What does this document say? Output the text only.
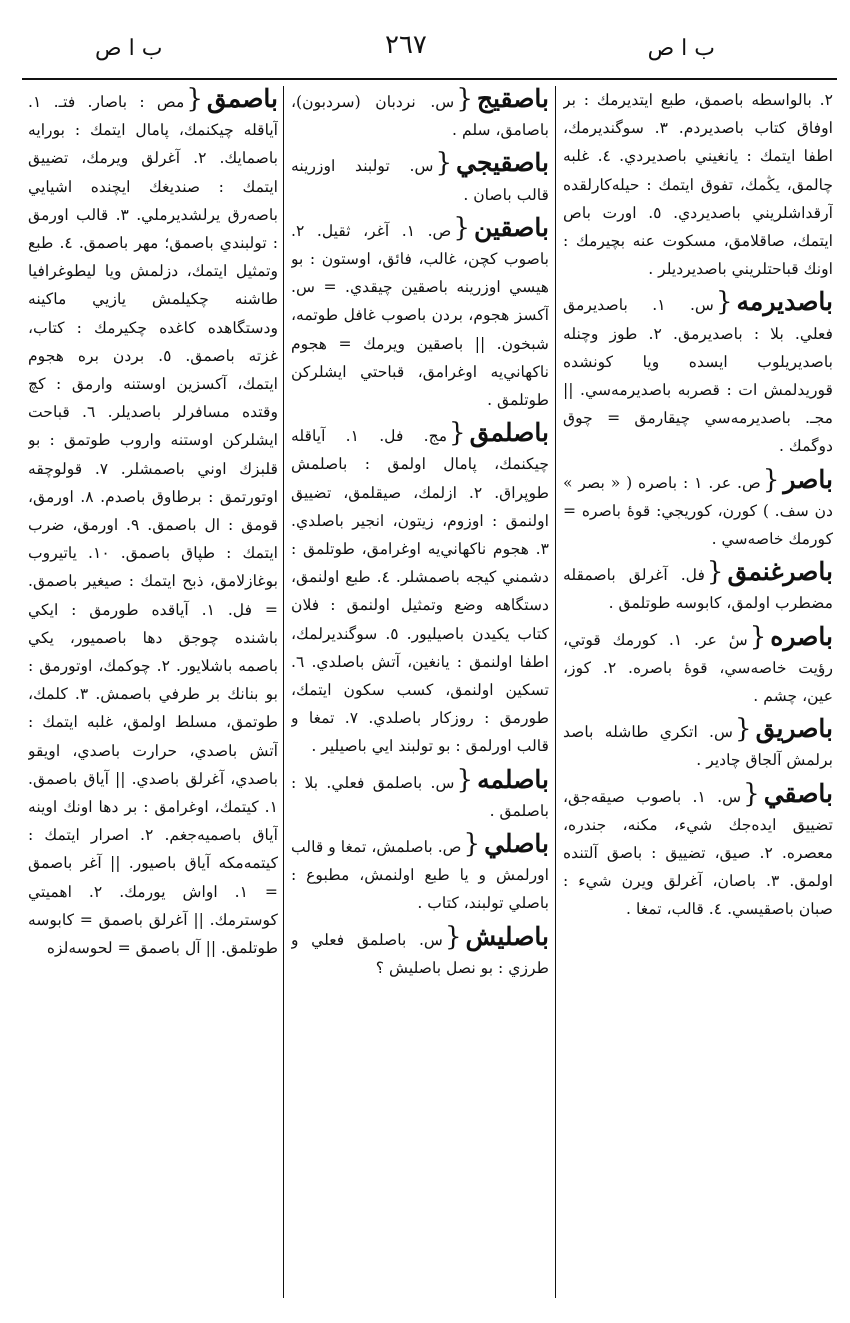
ب ا ص	٢٦٧	ب ا ص
٢. بالواسطه باصمق، طبع ايتديرمك : بر اوفاق كتاب باصديردم. ٣. سوگنديرمك، اطفا ايتمك : يانغيني باصديردي. ٤. غلبه چالمق، يڭمك، تفوق ايتمك : حيله‌كارلقده آرقداشلريني باصديردي. ٥. اورت باص ايتمك، صاقلامق، مسكوت عنه بچيرمك : اونك قباحتلريني باصديرديلر .
باصديرمه{س. ١. باصديرمق فعلي. بلا : باصديرمق. ٢. طوز وچنله باصديريلوب ايسده ويا كونشده قوريدلمش ات : قصربه باصديرمه‌سي. || مجـ. باصديرمه‌سي چيقارمق = چوق دوگمك .
باصر{ص. عر. ١ : باصره ( « بصر » دن سف. ) كورن، كوريجي: قوهٔ باصره = كورمك خاصه‌سي .
باصرغنمق{فل. آغرلق باصمقله مضطرب اولمق، كابوسه طوتلمق .
باصره{سٔ عر. ١. كورمك قوتي، رؤيت خاصه‌سي، قوهٔ باصره. ٢. كوز، عين، چشم .
باصريق{س. اتكري طاشله باصد برلمش آلجاق چادير .
باصقي{س. ١. باصوب صيقه‌جق، تضييق ايده‌جك شيء، مكنه، جندره، معصره. ٢. صيق، تضييق : باصق آلتنده اولمق. ٣. باصان، آغرلق ويرن شيء : صبان باصقيسي. ٤. قالب، تمغا .
باصقيج{س. نردبان (سردبون)، باصامق، سلم .
باصقيجي{س. تولبند اوزرينه قالب باصان .
باصقين{ص. ١. آغر، ثقيل. ٢. باصوب كچن، غالب، فائق، اوستون : بو هيسي اوزرينه باصقين چيقدي. = س. آكسز هجوم، بردن باصوب غافل طوتمه، شبخون. || باصقين ويرمك = هجوم ناكهاني‌يه اوغرامق، قباحتي ايشلركن طوتلمق .
باصلمق{مج. فل. ١. آياقله چيكنمك، پامال اولمق : باصلمش طوپراق. ٢. ازلمك، صيقلمق، تضييق اولنمق : اوزوم، زيتون، انجير باصلدي. ٣. هجوم ناكهاني‌يه اوغرامق، طوتلمق : دشمني كيجه باصمشلر. ٤. طبع اولنمق، دستگاهه وضع وتمثيل اولنمق : فلان كتاب يكيدن باصيليور. ٥. سوگنديرلمك، اطفا اولنمق : يانغين، آتش باصلدي. ٦. تسكين اولنمق، كسب سكون ايتمك، طورمق : روزكار باصلدي. ٧. تمغا و قالب اورلمق : بو تولبند ايي باصيلير .
باصلمه{س. باصلمق فعلي. بلا : باصلمق .
باصلي{ص. باصلمش، تمغا و قالب اورلمش و يا طبع اولنمش، مطبوع : باصلي تولبند، كتاب .
باصليش{س. باصلمق فعلي و طرزي : بو نصل باصليش ؟
باصمق{مص : باصار. فتـ. ١. آياقله چيكنمك، پامال ايتمك : بورايه باصمايك. ٢. آغرلق ويرمك، تضييق ايتمك : صنديغك ايچنده اشيايي باصه‌رق يرلشديرملي. ٣. قالب اورمق : تولبندي باصمق؛ مهر باصمق. ٤. طبع وتمثيل ايتمك، دزلمش ويا ليطوغرافيا طاشنه چكيلمش يازيي ماكينه ودستگاهده كاغده چكيرمك : كتاب، غزته باصمق. ٥. بردن بره هجوم ايتمك، آكسزين اوستنه وارمق : كچ وقتده مسافرلر باصديلر. ٦. قباحت ايشلركن اوستنه واروب طوتمق : بو قلبزك اوني باصمشلر. ٧. قولوچقه اوتورتمق : برطاوق باصدم. ٨. اورمق، قومق : ال باصمق. ٩. اورمق، ضرب ايتمك : طپاق باصمق. ١٠. ياتيروب بوغازلامق، ذبح ايتمك : صيغير باصمق. = فل. ١. آياقده طورمق : ايكي باشنده چوجق دها باصميور، يكي باصمه باشلايور. ٢. چوكمك، اوتورمق : بو بنانك بر طرفي باصمش. ٣. كلمك، طوتمق، مسلط اولمق، غلبه ايتمك : آتش باصدي، حرارت باصدي، اويقو باصدي، آغرلق باصدي. || آياق باصمق. ١. كيتمك، اوغرامق : بر دها اونك اوينه آياق باصميه‌جغم. ٢. اصرار ايتمك : كيتمه‌مكه آياق باصيور. || آغر باصمق = ١. اواش يورمك. ٢. اهميتي كوسترمك. || آغرلق باصمق = كابوسه طوتلمق. || آل باصمق = لحوسه‌لزه
